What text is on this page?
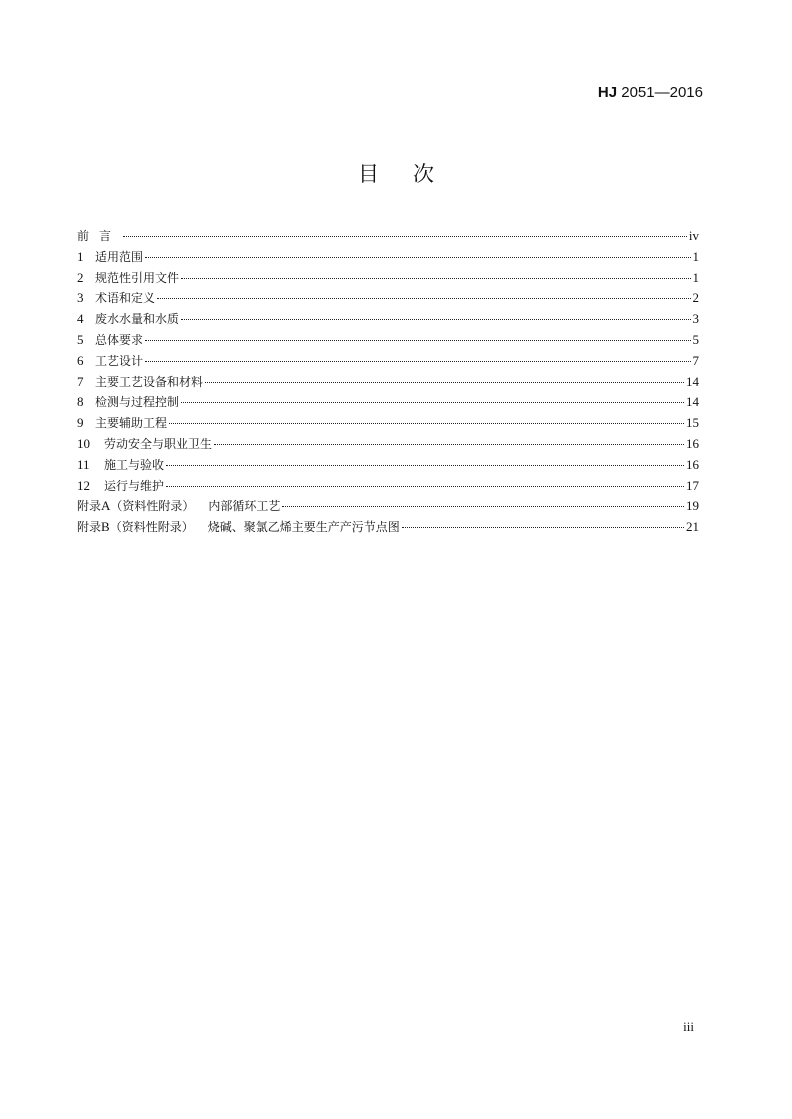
HJ 2051—2016
目次
前言	iv
1 适用范围	1
2 规范性引用文件	1
3 术语和定义	2
4 废水水量和水质	3
5 总体要求	5
6 工艺设计	7
7 主要工艺设备和材料	14
8 检测与过程控制	14
9 主要辅助工程	15
10	劳动安全与职业卫生	16
11	施工与验收	16
12	运行与维护	17
附录A（资料性附录） 内部循环工艺	19
附录B（资料性附录） 烧碱、聚氯乙烯主要生产产污节点图	21
iii
